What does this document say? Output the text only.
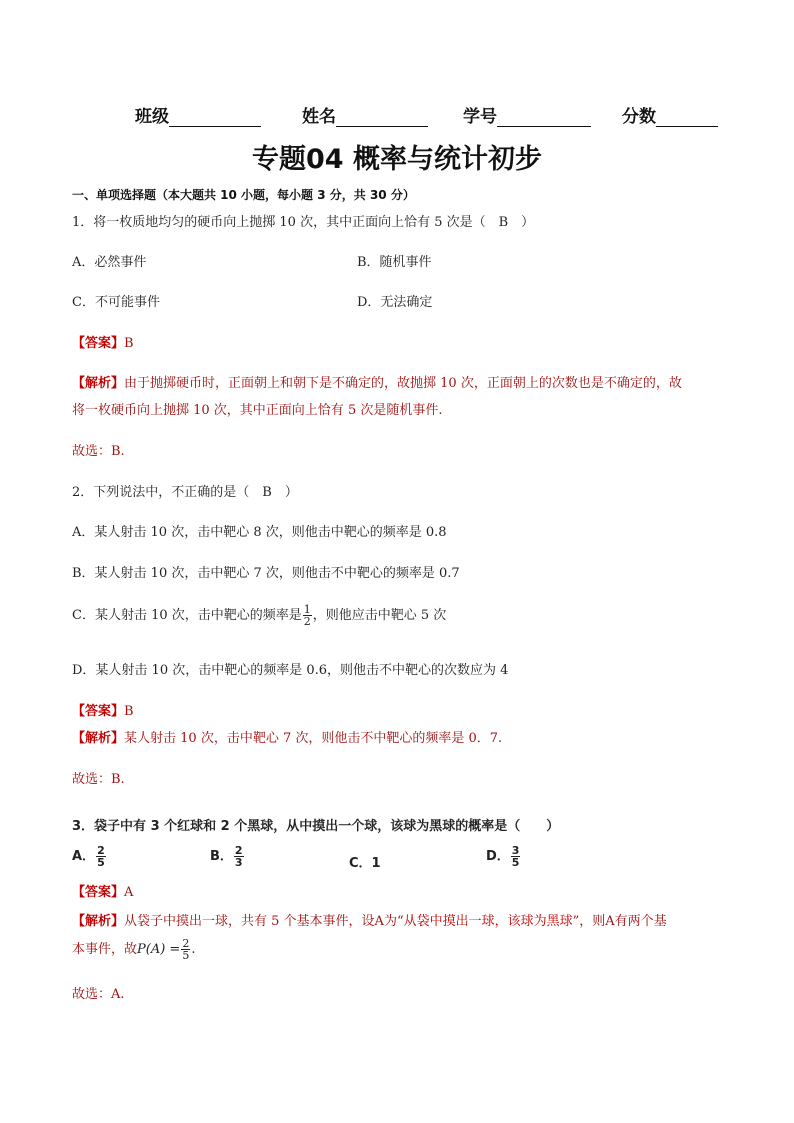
班级	姓名	学号	分数
专题04 概率与统计初步
一、单项选择题（本大题共 10 小题，每小题 3 分，共 30 分）
1．将一枚质地均匀的硬币向上抛掷 10 次，其中正面向上恰有 5 次是（　B　）
A．必然事件	B．随机事件
C．不可能事件	D．无法确定
【答案】B
【解析】由于抛掷硬币时，正面朝上和朝下是不确定的，故抛掷 10 次，正面朝上的次数也是不确定的，故
将一枚硬币向上抛掷 10 次，其中正面向上恰有 5 次是随机事件.
故选：B.
2．下列说法中，不正确的是（　B　）
A．某人射击 10 次，击中靶心 8 次，则他击中靶心的频率是 0.8
B．某人射击 10 次，击中靶心 7 次，则他击不中靶心的频率是 0.7
C．某人射击 10 次，击中靶心的频率是 $\frac{1}{2}$ ，则他应击中靶心 5 次
D．某人射击 10 次，击中靶心的频率是 0.6，则他击不中靶心的次数应为 4
【答案】B
【解析】某人射击 10 次，击中靶心 7 次，则他击不中靶心的频率是 0．7.
故选：B.
3．袋子中有 3 个红球和 2 个黑球，从中摸出一个球，该球为黑球的概率是（　　）
A． $\frac{2}{5}$	B． $\frac{2}{3}$	C．1	D． $\frac{3}{5}$
【答案】A
【解析】从袋子中摸出一球，共有 5 个基本事件，设A为“从袋中摸出一球，该球为黑球”，则A有两个基
本事件，故$P(A) = \frac{2}{5}$ .
故选：A.
